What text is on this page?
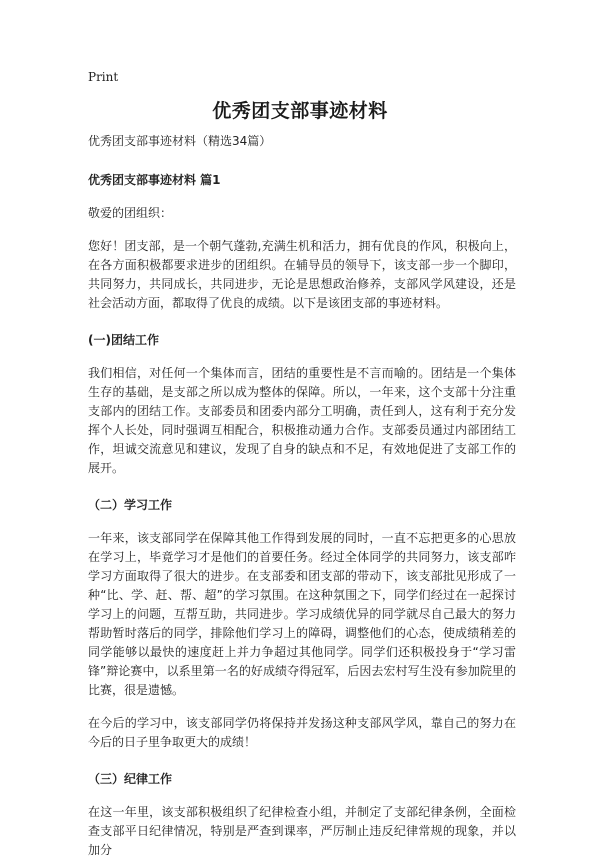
Print
优秀团支部事迹材料

优秀团支部事迹材料（精选34篇）

优秀团支部事迹材料 篇1

敬爱的团组织：

您好！团支部，是一个朝气蓬勃,充满生机和活力，拥有优良的作风，积极向上，在各方面积极都要求进步的团组织。在辅导员的领导下，该支部一步一个脚印，共同努力，共同成长，共同进步，无论是思想政治修养，支部风学风建设，还是社会活动方面，都取得了优良的成绩。以下是该团支部的事迹材料。

(一)团结工作

我们相信，对任何一个集体而言，团结的重要性是不言而喻的。团结是一个集体生存的基础，是支部之所以成为整体的保障。所以，一年来，这个支部十分注重支部内的团结工作。支部委员和团委内部分工明确，责任到人，这有利于充分发挥个人长处，同时强调互相配合，积极推动通力合作。支部委员通过内部团结工作，坦诚交流意见和建议，发现了自身的缺点和不足，有效地促进了支部工作的展开。

（二）学习工作

一年来，该支部同学在保障其他工作得到发展的同时，一直不忘把更多的心思放在学习上，毕竟学习才是他们的首要任务。经过全体同学的共同努力，该支部咋学习方面取得了很大的进步。在支部委和团支部的带动下，该支部批见形成了一种“比、学、赶、帮、超”的学习氛围。在这种氛围之下，同学们经过在一起探讨学习上的问题，互帮互助，共同进步。学习成绩优异的同学就尽自己最大的努力帮助暂时落后的同学，排除他们学习上的障碍，调整他们的心态，使成绩稍差的同学能够以最快的速度赶上并力争超过其他同学。同学们还积极投身于“学习雷锋”辩论赛中，以系里第一名的好成绩夺得冠军，后因去宏村写生没有参加院里的比赛，很是遗憾。

在今后的学习中，该支部同学仍将保持并发扬这种支部风学风，靠自己的努力在今后的日子里争取更大的成绩！

（三）纪律工作

在这一年里，该支部积极组织了纪律检查小组，并制定了支部纪律条例，全面检查支部平日纪律情况，特别是严查到课率，严厉制止违反纪律常规的现象，并以加分
